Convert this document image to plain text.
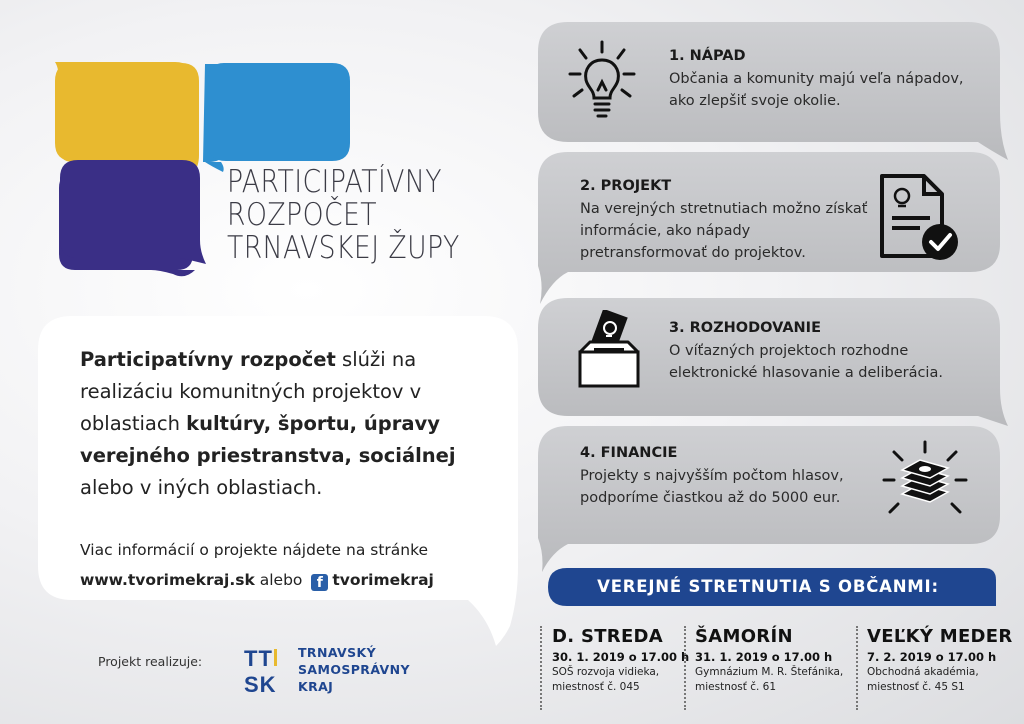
PARTICIPATÍVNY
ROZPOČET
TRNAVSKEJ ŽUPY
Participatívny rozpočet slúži na realizáciu komunitných projektov v oblastiach kultúry, športu, úpravy verejného priestranstva, sociálnej alebo v iných oblastiach.
Viac informácií o projekte nájdete na stránke
www.tvorimekraj.sk alebo f tvorimekraj
Projekt realizuje: TT
SK
TRNAVSKÝ
SAMOSPRÁVNY
KRAJ
1. NÁPAD
Občania a komunity majú veľa nápadov, ako zlepšiť svoje okolie.
2. PROJEKT
Na verejných stretnutiach možno získať informácie, ako nápady pretransformovať do projektov.
3. ROZHODOVANIE
O víťazných projektoch rozhodne elektronické hlasovanie a deliberácia.
4. FINANCIE
Projekty s najvyšším počtom hlasov, podporíme čiastkou až do 5000 eur.
VEREJNÉ STRETNUTIA S OBČANMI:
D. STREDA
30. 1. 2019 o 17.00 h
SOŠ rozvoja vidieka,
miestnosť č. 045
ŠAMORÍN
31. 1. 2019 o 17.00 h
Gymnázium M. R. Štefánika,
miestnosť č. 61
VEĽKÝ MEDER
7. 2. 2019 o 17.00 h
Obchodná akadémia,
miestnosť č. 45 S1
